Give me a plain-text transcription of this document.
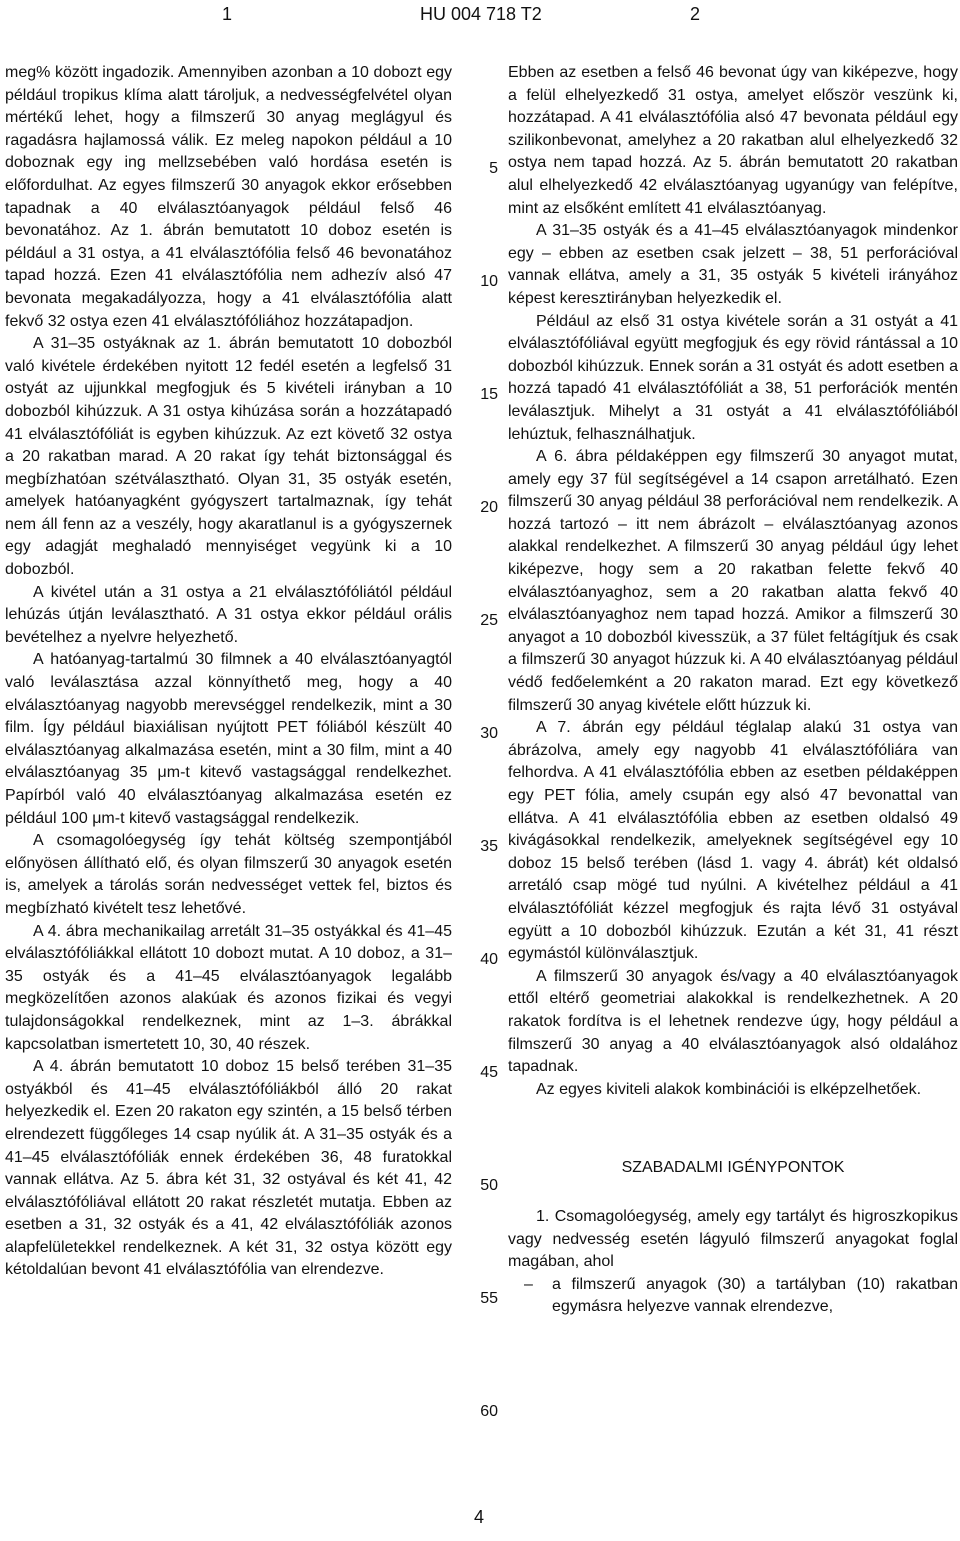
1	HU 004 718 T2	2

meg% között ingadozik. Amennyiben azonban a 10 dobozt egy például tropikus klíma alatt tároljuk, a nedvességfelvétel olyan mértékű lehet, hogy a filmszerű 30 anyag meglágyul és ragadásra hajlamossá válik. Ez meleg napokon például a 10 doboznak egy ing mellzsebében való hordása esetén is előfordulhat. Az egyes filmszerű 30 anyagok ekkor erősebben tapadnak a 40 elválasztóanyagok például felső 46 bevonatához. Az 1. ábrán bemutatott 10 doboz esetén is például a 31 ostya, a 41 elválasztófólia felső 46 bevonatához tapad hozzá. Ezen 41 elválasztófólia nem adhezív alsó 47 bevonata megakadályozza, hogy a 41 elválasztófólia alatt fekvő 32 ostya ezen 41 elválasztófóliához hozzátapadjon.

A 31–35 ostyáknak az 1. ábrán bemutatott 10 dobozból való kivétele érdekében nyitott 12 fedél esetén a legfelső 31 ostyát az ujjunkkal megfogjuk és 5 kivételi irányban a 10 dobozból kihúzzuk. A 31 ostya kihúzása során a hozzátapadó 41 elválasztófóliát is egyben kihúzzuk. Az ezt követő 32 ostya a 20 rakatban marad. A 20 rakat így tehát biztonsággal és megbízhatóan szétválasztható. Olyan 31, 35 ostyák esetén, amelyek hatóanyagként gyógyszert tartalmaznak, így tehát nem áll fenn az a veszély, hogy akaratlanul is a gyógyszernek egy adagját meghaladó mennyiséget vegyünk ki a 10 dobozból.

A kivétel után a 31 ostya a 21 elválasztófóliától például lehúzás útján leválasztható. A 31 ostya ekkor például orális bevételhez a nyelvre helyezhető.

A hatóanyag-tartalmú 30 filmnek a 40 elválasztóanyagtól való leválasztása azzal könnyíthető meg, hogy a 40 elválasztóanyag nagyobb merevséggel rendelkezik, mint a 30 film. Így például biaxiálisan nyújtott PET fóliából készült 40 elválasztóanyag alkalmazása esetén, mint a 30 film, mint a 40 elválasztóanyag 35 μm-t kitevő vastagsággal rendelkezhet. Papírból való 40 elválasztóanyag alkalmazása esetén ez például 100 μm-t kitevő vastagsággal rendelkezik.

A csomagolóegység így tehát költség szempontjából előnyösen állítható elő, és olyan filmszerű 30 anyagok esetén is, amelyek a tárolás során nedvességet vettek fel, biztos és megbízható kivételt tesz lehetővé.

A 4. ábra mechanikailag arretált 31–35 ostyákkal és 41–45 elválasztófóliákkal ellátott 10 dobozt mutat. A 10 doboz, a 31–35 ostyák és a 41–45 elválasztóanyagok legalább megközelítően azonos alakúak és azonos fizikai és vegyi tulajdonságokkal rendelkeznek, mint az 1–3. ábrákkal kapcsolatban ismertetett 10, 30, 40 részek.

A 4. ábrán bemutatott 10 doboz 15 belső terében 31–35 ostyákból és 41–45 elválasztófóliákból álló 20 rakat helyezkedik el. Ezen 20 rakaton egy szintén, a 15 belső térben elrendezett függőleges 14 csap nyúlik át. A 31–35 ostyák és a 41–45 elválasztófóliák ennek érdekében 36, 48 furatokkal vannak ellátva. Az 5. ábra két 31, 32 ostyával és két 41, 42 elválasztófóliával ellátott 20 rakat részletét mutatja. Ebben az esetben a 31, 32 ostyák és a 41, 42 elválasztófóliák azonos alapfelületekkel rendelkeznek. A két 31, 32 ostya között egy kétoldalúan bevont 41 elválasztófólia van elrendezve.

5
10
15
20
25
30
35
40
45
50
55
60

Ebben az esetben a felső 46 bevonat úgy van kiképezve, hogy a felül elhelyezkedő 31 ostya, amelyet először veszünk ki, hozzátapad. A 41 elválasztófólia alsó 47 bevonata például egy szilikonbevonat, amelyhez a 20 rakatban alul elhelyezkedő 32 ostya nem tapad hozzá. Az 5. ábrán bemutatott 20 rakatban alul elhelyezkedő 42 elválasztóanyag ugyanúgy van felépítve, mint az elsőként említett 41 elválasztóanyag.

A 31–35 ostyák és a 41–45 elválasztóanyagok mindenkor egy – ebben az esetben csak jelzett – 38, 51 perforációval vannak ellátva, amely a 31, 35 ostyák 5 kivételi irányához képest keresztirányban helyezkedik el.

Például az első 31 ostya kivétele során a 31 ostyát a 41 elválasztófóliával együtt megfogjuk és egy rövid rántással a 10 dobozból kihúzzuk. Ennek során a 31 ostyát és adott esetben a hozzá tapadó 41 elválasztófóliát a 38, 51 perforációk mentén leválasztjuk. Mihelyt a 31 ostyát a 41 elválasztófóliából lehúztuk, felhasználhatjuk.

A 6. ábra példaképpen egy filmszerű 30 anyagot mutat, amely egy 37 fül segítségével a 14 csapon arretálható. Ezen filmszerű 30 anyag például 38 perforációval nem rendelkezik. A hozzá tartozó – itt nem ábrázolt – elválasztóanyag azonos alakkal rendelkezhet. A filmszerű 30 anyag például úgy lehet kiképezve, hogy sem a 20 rakatban felette fekvő 40 elválasztóanyaghoz, sem a 20 rakatban alatta fekvő 40 elválasztóanyaghoz nem tapad hozzá. Amikor a filmszerű 30 anyagot a 10 dobozból kivesszük, a 37 fület feltágítjuk és csak a filmszerű 30 anyagot húzzuk ki. A 40 elválasztóanyag például védő fedőelemként a 20 rakaton marad. Ezt egy következő filmszerű 30 anyag kivétele előtt húzzuk ki.

A 7. ábrán egy például téglalap alakú 31 ostya van ábrázolva, amely egy nagyobb 41 elválasztófóliára van felhordva. A 41 elválasztófólia ebben az esetben példaképpen egy PET fólia, amely csupán egy alsó 47 bevonattal van ellátva. A 41 elválasztófólia ebben az esetben oldalsó 49 kivágásokkal rendelkezik, amelyeknek segítségével egy 10 doboz 15 belső terében (lásd 1. vagy 4. ábrát) két oldalsó arretáló csap mögé tud nyúlni. A kivételhez például a 41 elválasztófóliát kézzel megfogjuk és rajta lévő 31 ostyával együtt a 10 dobozból kihúzzuk. Ezután a két 31, 41 részt egymástól különválasztjuk.

A filmszerű 30 anyagok és/vagy a 40 elválasztóanyagok ettől eltérő geometriai alakokkal is rendelkezhetnek. A 20 rakatok fordítva is el lehetnek rendezve úgy, hogy például a filmszerű 30 anyag a 40 elválasztóanyagok alsó oldalához tapadnak.

Az egyes kiviteli alakok kombinációi is elképzelhetőek.

SZABADALMI IGÉNYPONTOK

1. Csomagolóegység, amely egy tartályt és higroszkopikus vagy nedvesség esetén lágyuló filmszerű anyagokat foglal magában, ahol

– a filmszerű anyagok (30) a tartályban (10) rakatban egymásra helyezve vannak elrendezve,

4
